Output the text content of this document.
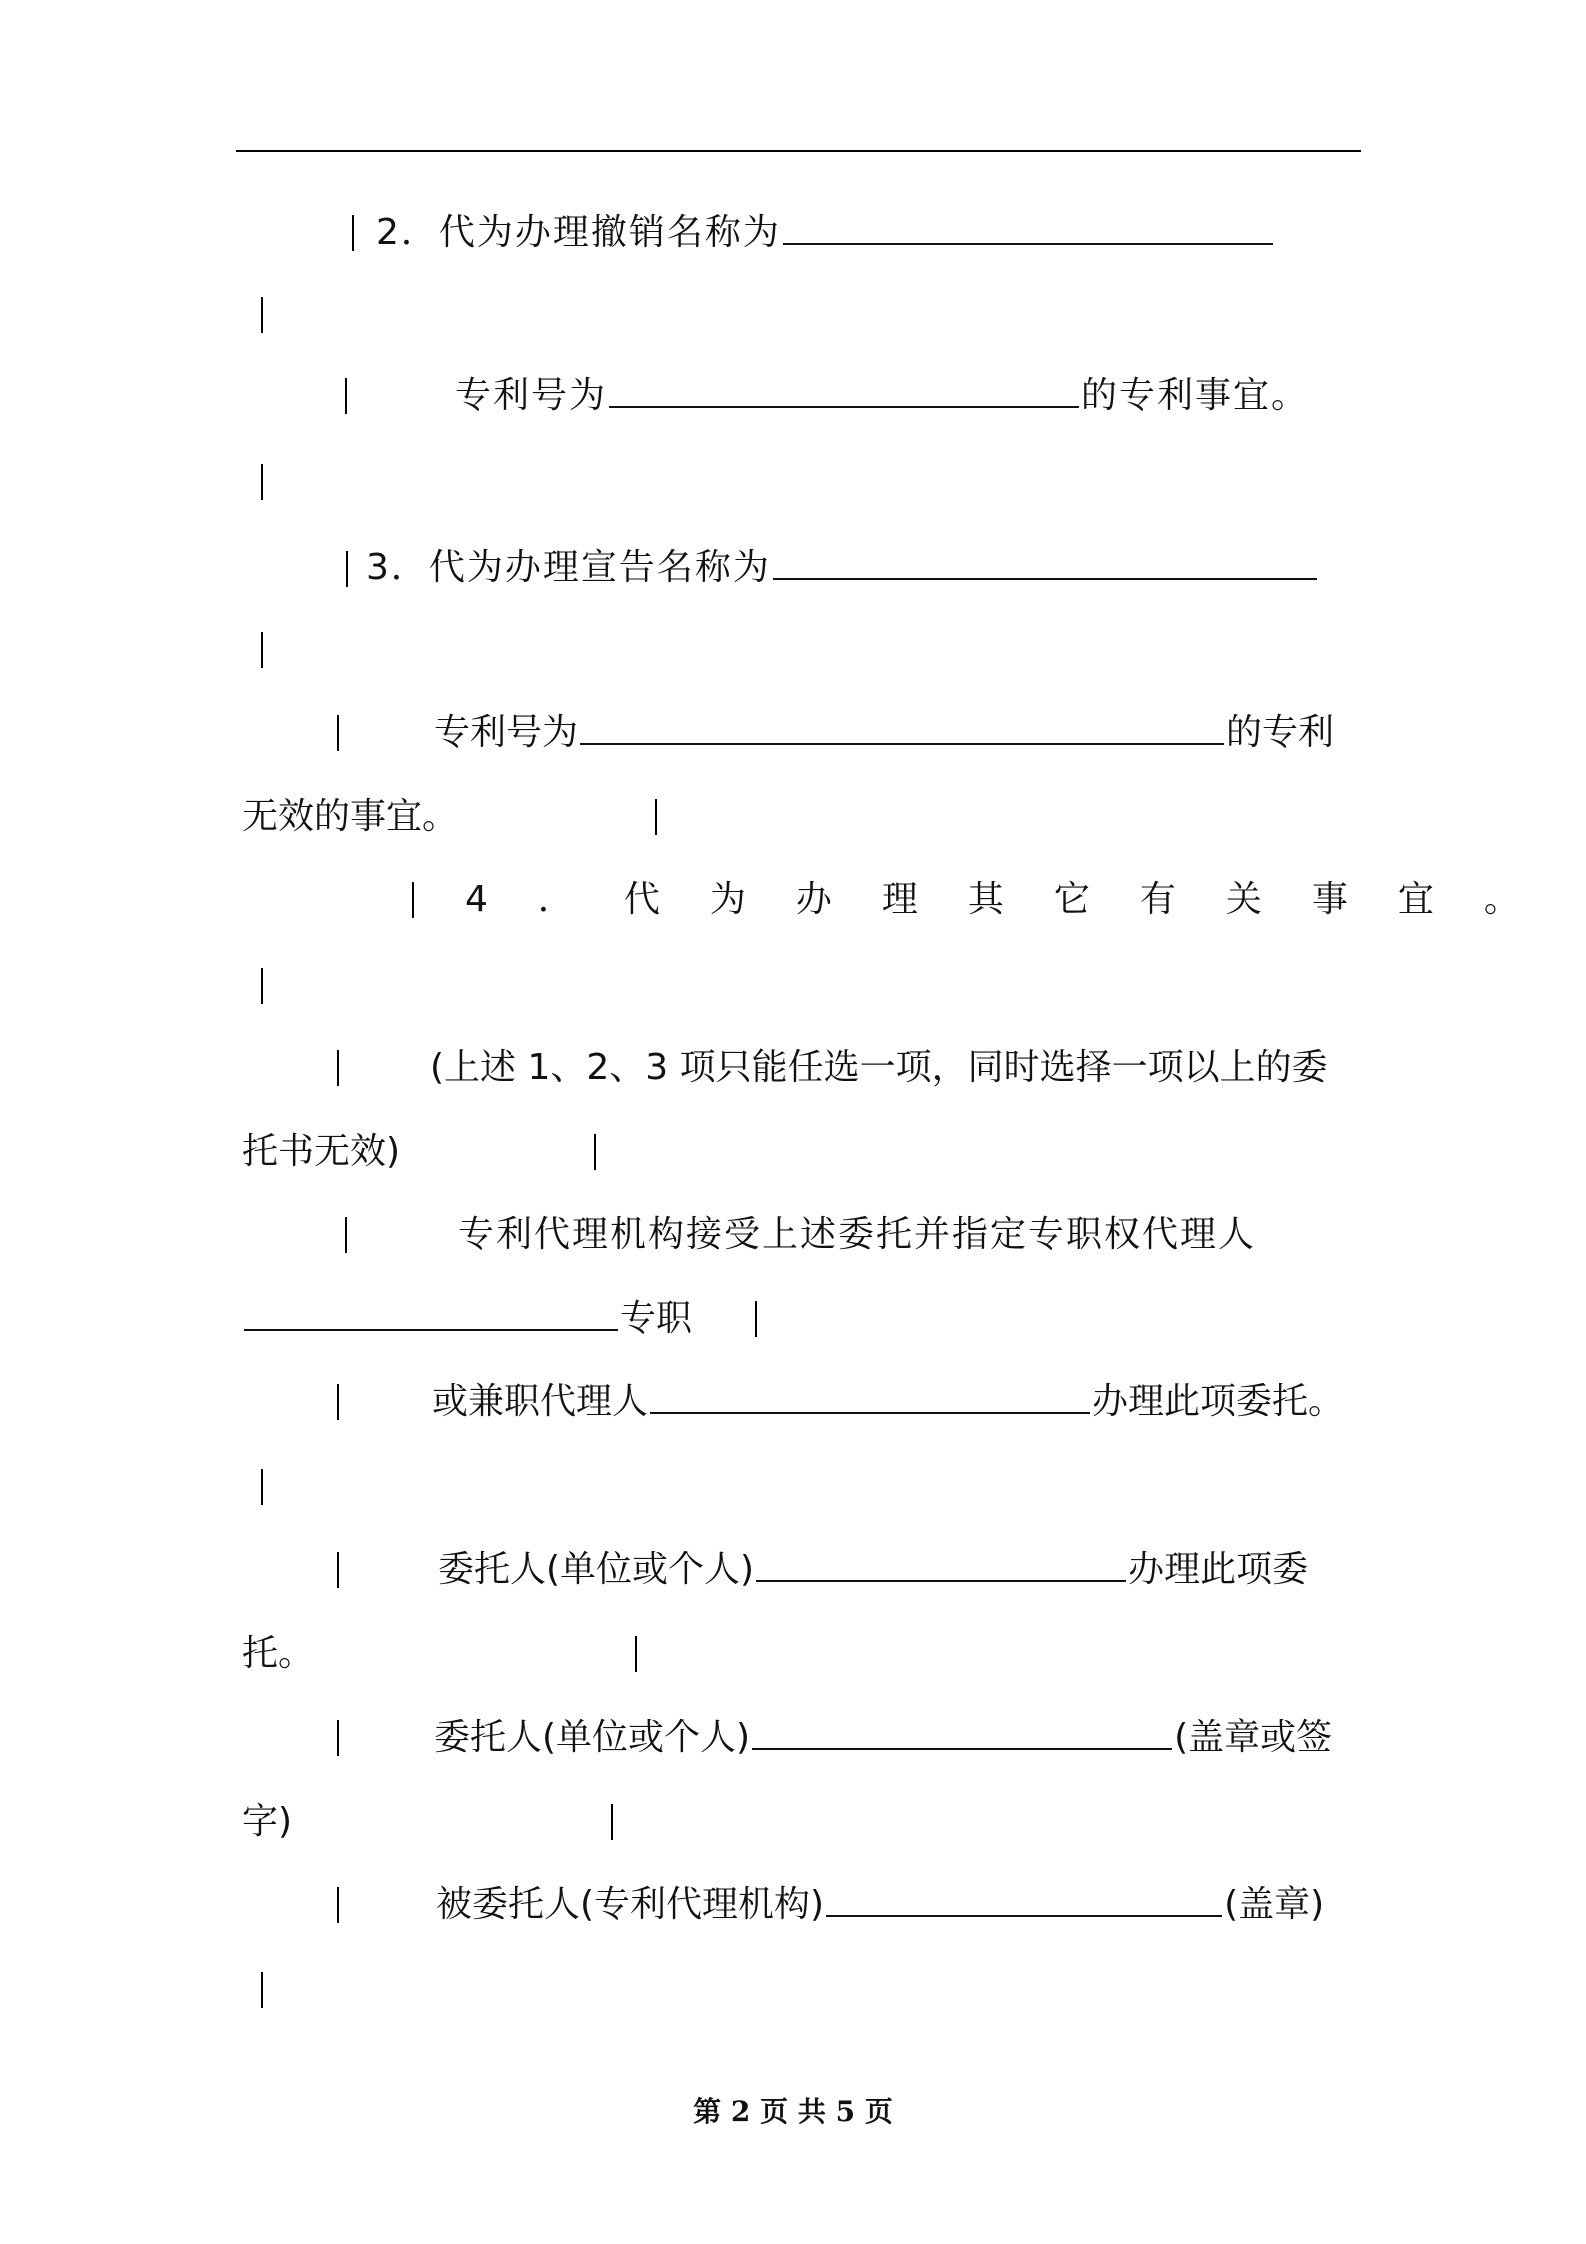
2．代为办理撤销名称为
专利号为	的专利事宜。
3．代为办理宣告名称为
专利号为	的专利
无效的事宜。
4．代为办理其它有关事宜。
(上述 1、2、3 项只能任选一项，同时选择一项以上的委
托书无效)
专利代理机构接受上述委托并指定专职权代理人
专职
或兼职代理人	办理此项委托。
委托人(单位或个人)	办理此项委
托。
委托人(单位或个人)	(盖章或签
字)
被委托人(专利代理机构)	(盖章)
第 2 页 共 5 页
